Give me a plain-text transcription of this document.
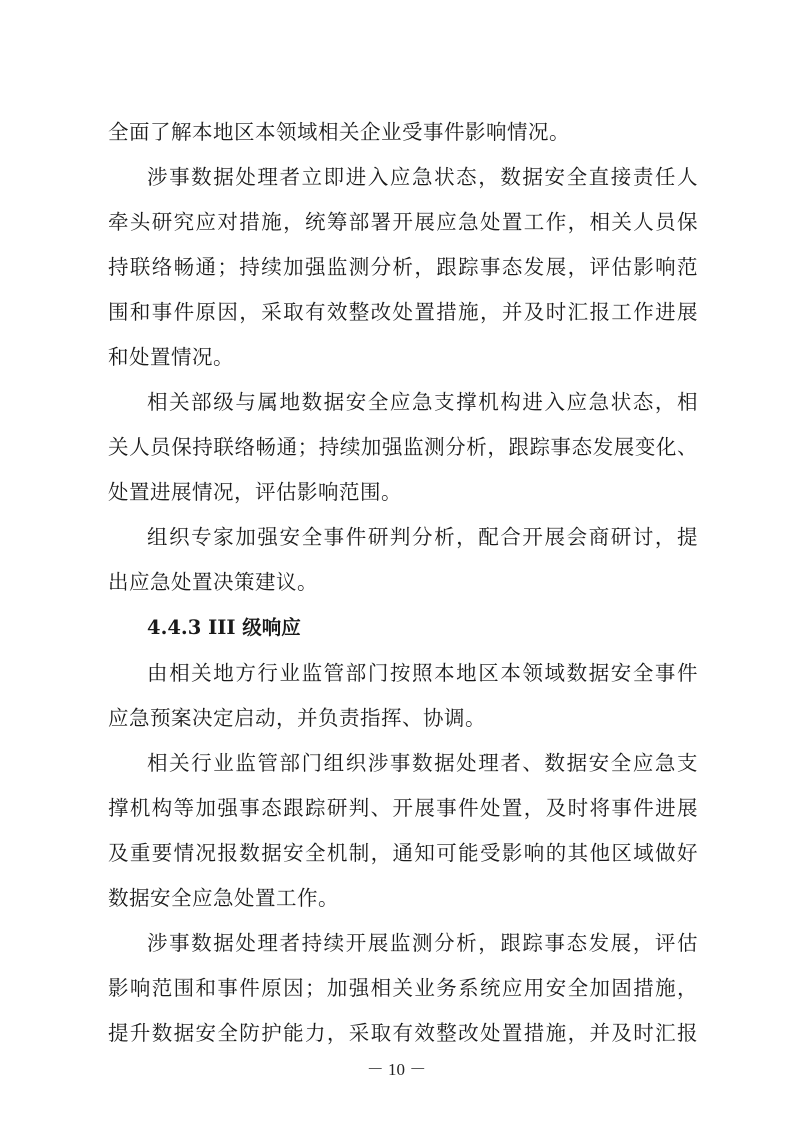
全面了解本地区本领域相关企业受事件影响情况。
涉事数据处理者立即进入应急状态，数据安全直接责任人
牵头研究应对措施，统筹部署开展应急处置工作，相关人员保
持联络畅通；持续加强监测分析，跟踪事态发展，评估影响范
围和事件原因，采取有效整改处置措施，并及时汇报工作进展
和处置情况。
相关部级与属地数据安全应急支撑机构进入应急状态，相
关人员保持联络畅通；持续加强监测分析，跟踪事态发展变化、
处置进展情况，评估影响范围。
组织专家加强安全事件研判分析，配合开展会商研讨，提
出应急处置决策建议。
4.4.3 III 级响应
由相关地方行业监管部门按照本地区本领域数据安全事件
应急预案决定启动，并负责指挥、协调。
相关行业监管部门组织涉事数据处理者、数据安全应急支
撑机构等加强事态跟踪研判、开展事件处置，及时将事件进展
及重要情况报数据安全机制，通知可能受影响的其他区域做好
数据安全应急处置工作。
涉事数据处理者持续开展监测分析，跟踪事态发展，评估
影响范围和事件原因；加强相关业务系统应用安全加固措施，
提升数据安全防护能力，采取有效整改处置措施，并及时汇报
－ 10 －
